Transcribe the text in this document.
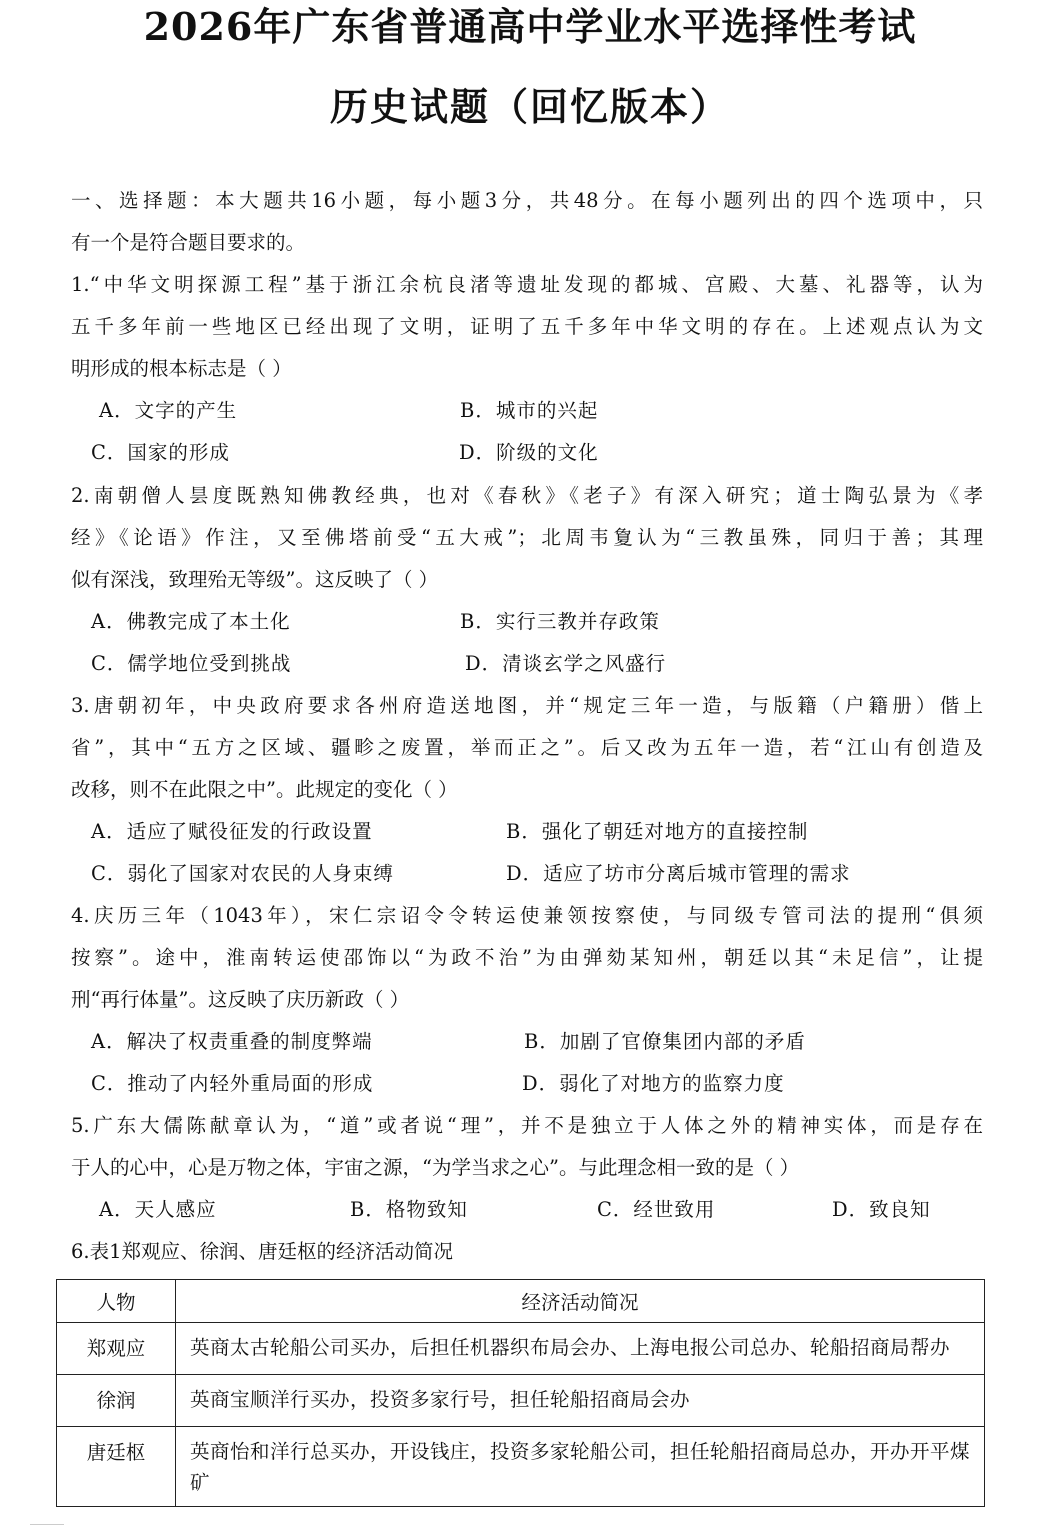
2026年广东省普通高中学业水平选择性考试
历史试题（回忆版本）
一、选择题：本大题共16小题，每小题3分，共48分。在每小题列出的四个选项中，只
有一个是符合题目要求的。
1.“中华文明探源工程”基于浙江余杭良渚等遗址发现的都城、宫殿、大墓、礼器等，认为
五千多年前一些地区已经出现了文明，证明了五千多年中华文明的存在。上述观点认为文
明形成的根本标志是（ ）
A．文字的产生	B．城市的兴起
C．国家的形成	D．阶级的文化
2.南朝僧人昙度既熟知佛教经典，也对《春秋》《老子》有深入研究；道士陶弘景为《孝
经》《论语》作注，又至佛塔前受“五大戒”；北周韦夐认为“三教虽殊，同归于善；其理
似有深浅，致理殆无等级”。这反映了（ ）
A．佛教完成了本土化	B．实行三教并存政策
C．儒学地位受到挑战	D．清谈玄学之风盛行
3.唐朝初年，中央政府要求各州府造送地图，并“规定三年一造，与版籍（户籍册）偕上
省”，其中“五方之区域、疆畛之废置，举而正之”。后又改为五年一造，若“江山有创造及
改移，则不在此限之中”。此规定的变化（ ）
A．适应了赋役征发的行政设置	B．强化了朝廷对地方的直接控制
C．弱化了国家对农民的人身束缚	D．适应了坊市分离后城市管理的需求
4.庆历三年（1043年），宋仁宗诏令令转运使兼领按察使，与同级专管司法的提刑“俱须
按察”。途中，淮南转运使邵饰以“为政不治”为由弹劾某知州，朝廷以其“未足信”，让提
刑“再行体量”。这反映了庆历新政（ ）
A．解决了权责重叠的制度弊端	B．加剧了官僚集团内部的矛盾
C．推动了内轻外重局面的形成	D．弱化了对地方的监察力度
5.广东大儒陈献章认为，“道”或者说“理”，并不是独立于人体之外的精神实体，而是存在
于人的心中，心是万物之体，宇宙之源，“为学当求之心”。与此理念相一致的是（ ）
A．天人感应	B．格物致知	C．经世致用	D．致良知
6.表1郑观应、徐润、唐廷枢的经济活动简况
人物	经济活动简况
郑观应	英商太古轮船公司买办，后担任机器织布局会办、上海电报公司总办、轮船招商局帮办
徐润	英商宝顺洋行买办，投资多家行号，担任轮船招商局会办
唐廷枢	英商怡和洋行总买办，开设钱庄，投资多家轮船公司，担任轮船招商局总办，开办开平煤矿
